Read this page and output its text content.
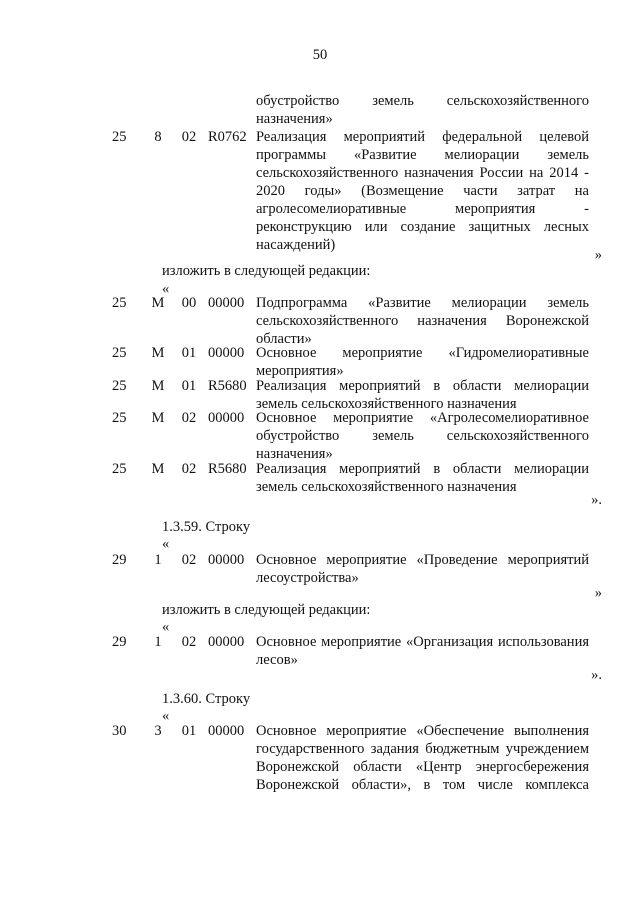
50
обустройство земель сельскохозяйственного
назначения»
25	8	02 R0762 Реализация мероприятий федеральной целевой
программы «Развитие мелиорации земель
сельскохозяйственного назначения России на 2014 -
2020 годы» (Возмещение части затрат на
агролесомелиоративные мероприятия -
реконструкцию или создание защитных лесных
насаждений)
»
изложить в следующей редакции:
«
25	М	00 00000 Подпрограмма «Развитие мелиорации земель
сельскохозяйственного назначения Воронежской
области»
25	М	01 00000 Основное мероприятие «Гидромелиоративные
мероприятия»
25	М	01 R5680 Реализация мероприятий в области мелиорации
земель сельскохозяйственного назначения
25	М	02 00000 Основное мероприятие «Агролесомелиоративное
обустройство земель сельскохозяйственного
назначения»
25	М	02 R5680 Реализация мероприятий в области мелиорации
земель сельскохозяйственного назначения
».
1.3.59. Строку
«
29	1	02 00000 Основное мероприятие «Проведение мероприятий
лесоустройства»
»
изложить в следующей редакции:
«
29	1	02 00000 Основное мероприятие «Организация использования
лесов»
».
1.3.60. Строку
«
30	3	01 00000 Основное мероприятие «Обеспечение выполнения
государственного задания бюджетным учреждением
Воронежской области «Центр энергосбережения
Воронежской области», в том числе комплекса
